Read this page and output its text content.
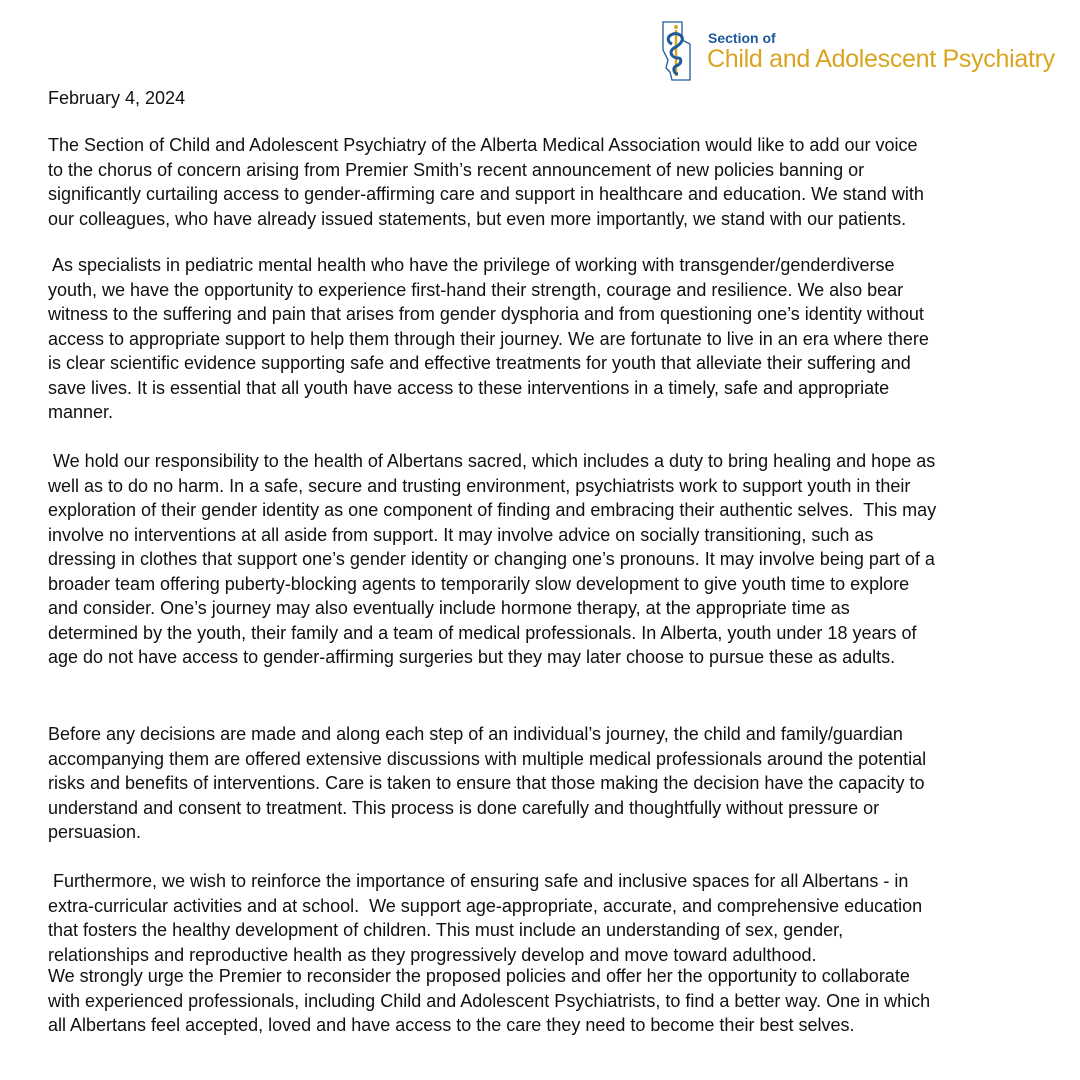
Section of
Child and Adolescent Psychiatry
February 4, 2024
The Section of Child and Adolescent Psychiatry of the Alberta Medical Association would like to add our voice
to the chorus of concern arising from Premier Smith’s recent announcement of new policies banning or
significantly curtailing access to gender-affirming care and support in healthcare and education. We stand with
our colleagues, who have already issued statements, but even more importantly, we stand with our patients.
As specialists in pediatric mental health who have the privilege of working with transgender/genderdiverse
youth, we have the opportunity to experience first-hand their strength, courage and resilience. We also bear
witness to the suffering and pain that arises from gender dysphoria and from questioning one’s identity without
access to appropriate support to help them through their journey. We are fortunate to live in an era where there
is clear scientific evidence supporting safe and effective treatments for youth that alleviate their suffering and
save lives. It is essential that all youth have access to these interventions in a timely, safe and appropriate
manner.
We hold our responsibility to the health of Albertans sacred, which includes a duty to bring healing and hope as
well as to do no harm. In a safe, secure and trusting environment, psychiatrists work to support youth in their
exploration of their gender identity as one component of finding and embracing their authentic selves.  This may
involve no interventions at all aside from support. It may involve advice on socially transitioning, such as
dressing in clothes that support one’s gender identity or changing one’s pronouns. It may involve being part of a
broader team offering puberty-blocking agents to temporarily slow development to give youth time to explore
and consider. One’s journey may also eventually include hormone therapy, at the appropriate time as
determined by the youth, their family and a team of medical professionals. In Alberta, youth under 18 years of
age do not have access to gender-affirming surgeries but they may later choose to pursue these as adults.
Before any decisions are made and along each step of an individual’s journey, the child and family/guardian
accompanying them are offered extensive discussions with multiple medical professionals around the potential
risks and benefits of interventions. Care is taken to ensure that those making the decision have the capacity to
understand and consent to treatment. This process is done carefully and thoughtfully without pressure or
persuasion.
Furthermore, we wish to reinforce the importance of ensuring safe and inclusive spaces for all Albertans - in
extra-curricular activities and at school.  We support age-appropriate, accurate, and comprehensive education
that fosters the healthy development of children. This must include an understanding of sex, gender,
relationships and reproductive health as they progressively develop and move toward adulthood.
We strongly urge the Premier to reconsider the proposed policies and offer her the opportunity to collaborate
with experienced professionals, including Child and Adolescent Psychiatrists, to find a better way. One in which
all Albertans feel accepted, loved and have access to the care they need to become their best selves.
